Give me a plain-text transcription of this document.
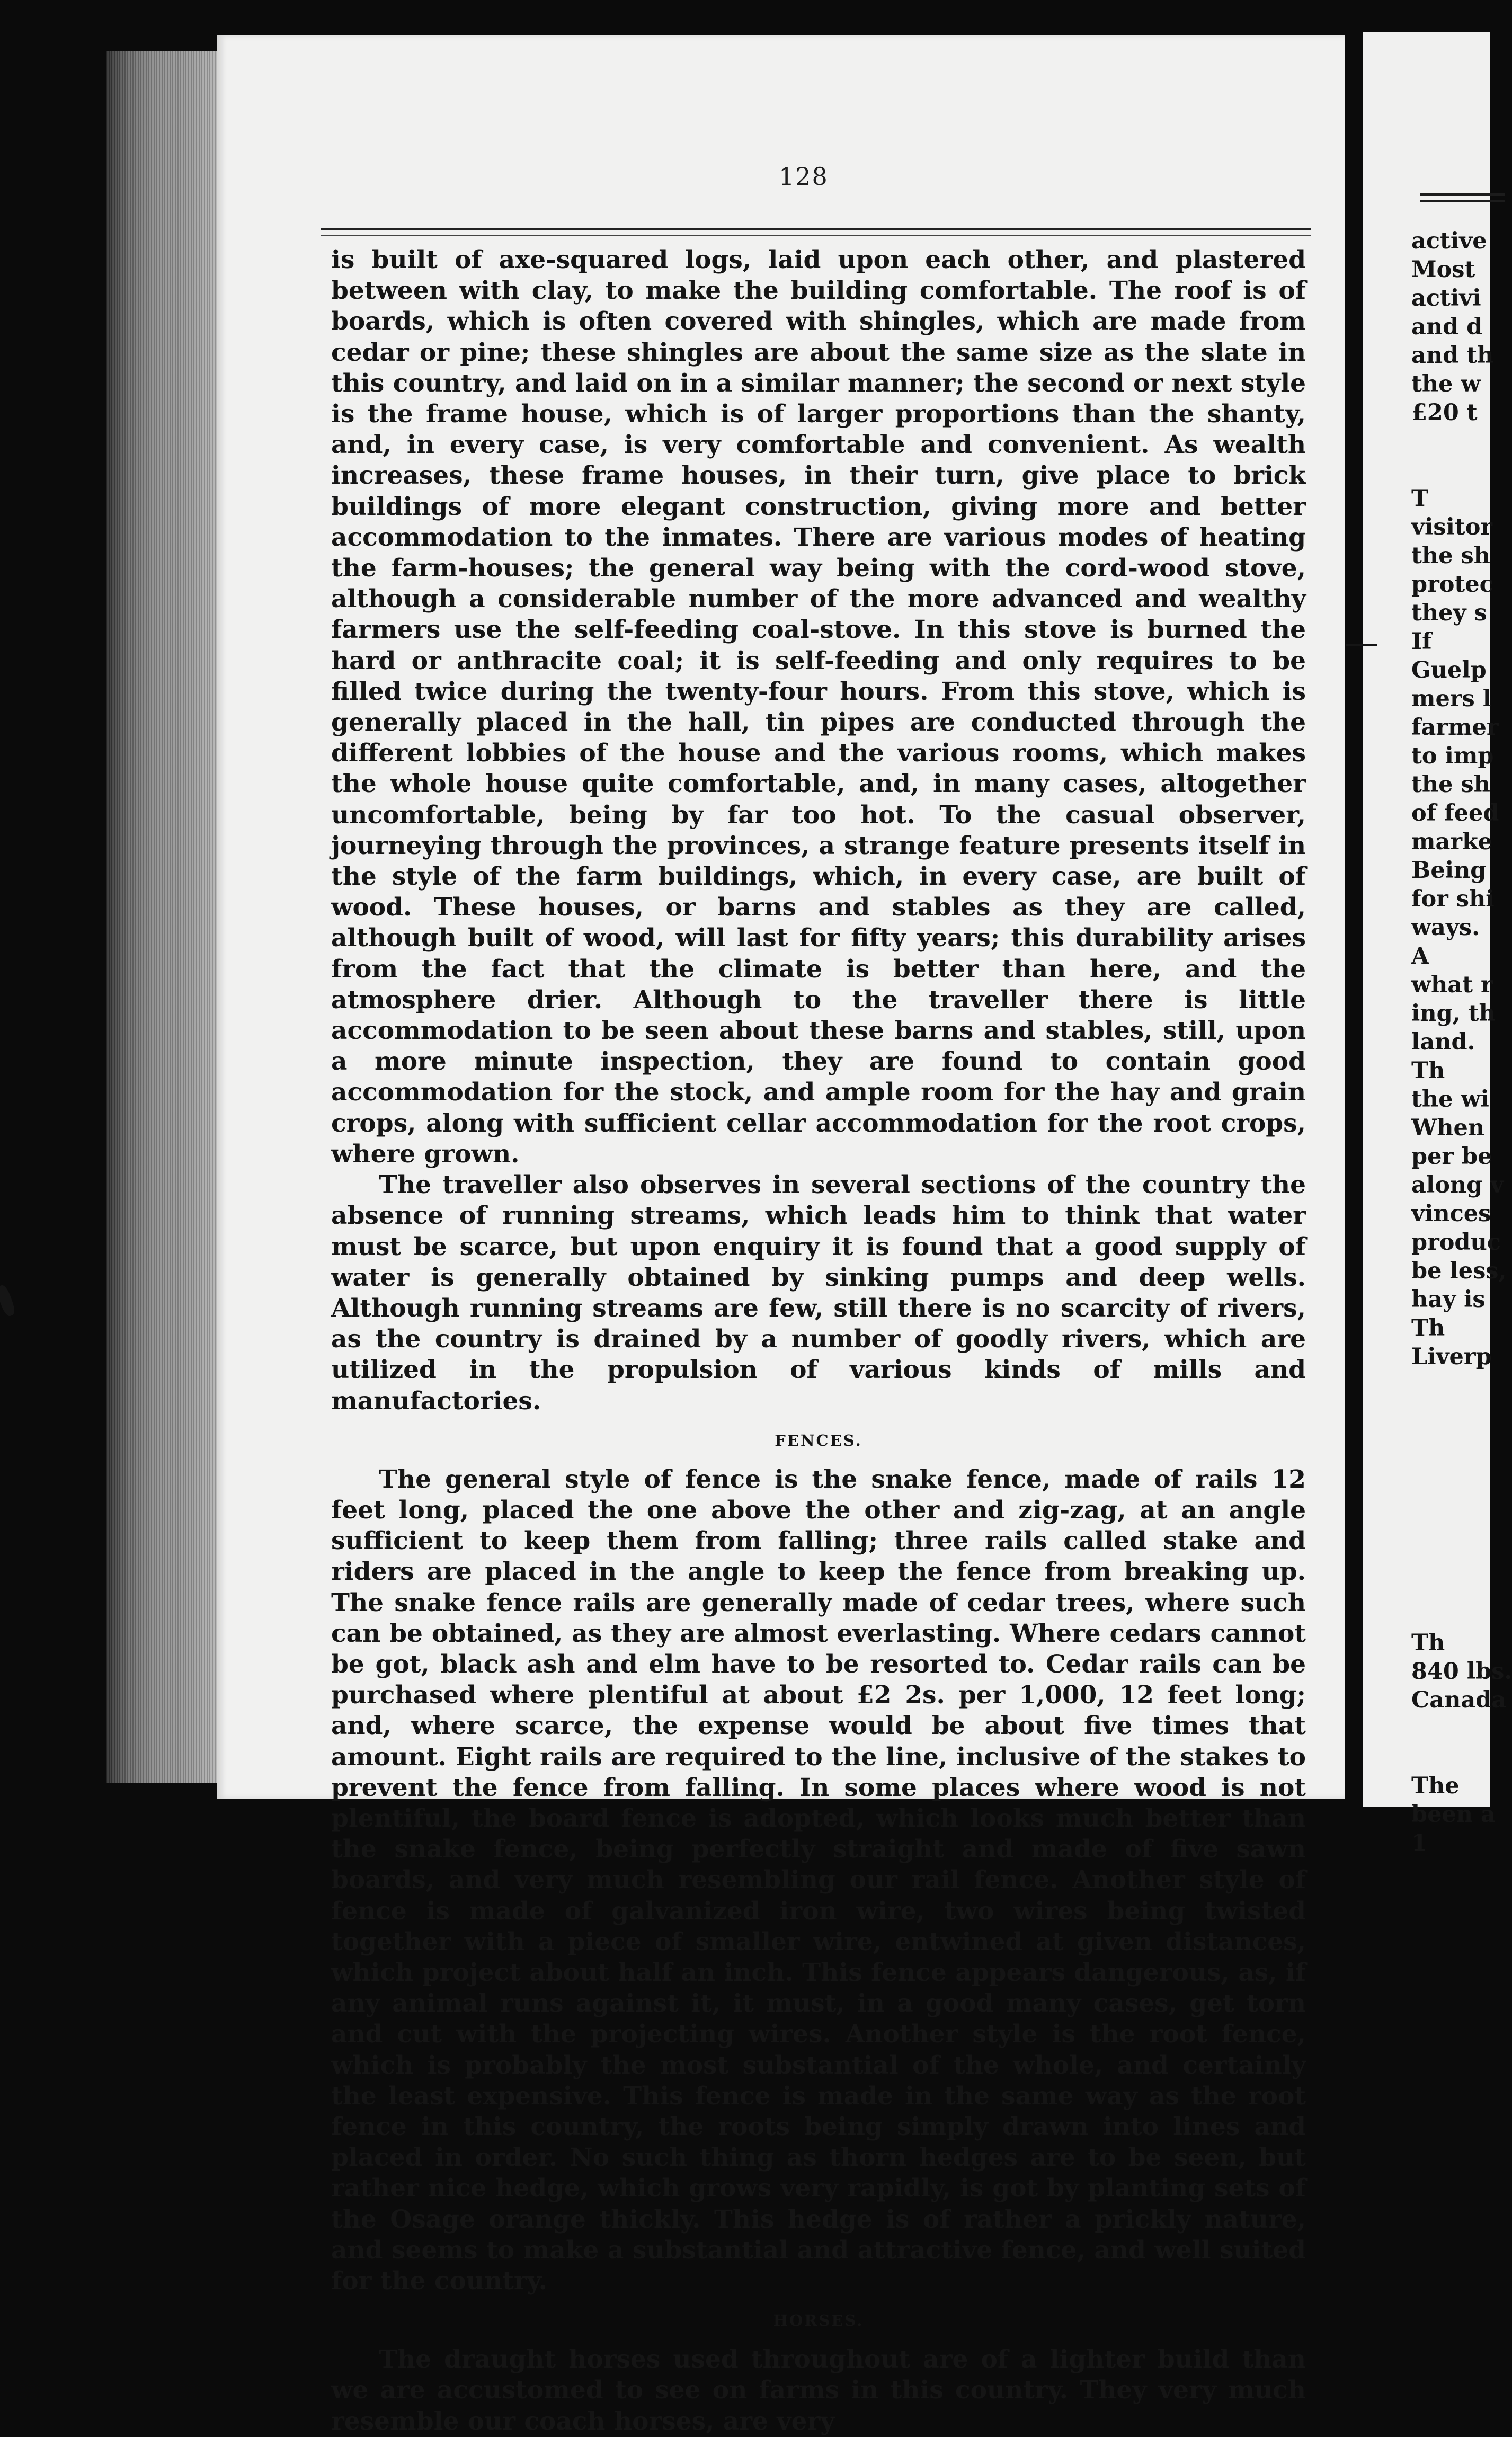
128

is built of axe-squared logs, laid upon each other, and plastered between with clay, to make the building comfortable. The roof is of boards, which is often covered with shingles, which are made from cedar or pine; these shingles are about the same size as the slate in this country, and laid on in a similar manner; the second or next style is the frame house, which is of larger proportions than the shanty, and, in every case, is very comfortable and convenient. As wealth increases, these frame houses, in their turn, give place to brick buildings of more elegant construction, giving more and better accommodation to the inmates. There are various modes of heating the farm-houses; the general way being with the cord-wood stove, although a considerable number of the more advanced and wealthy farmers use the self-feeding coal-stove. In this stove is burned the hard or anthracite coal; it is self-feeding and only requires to be filled twice during the twenty-four hours. From this stove, which is generally placed in the hall, tin pipes are conducted through the different lobbies of the house and the various rooms, which makes the whole house quite comfortable, and, in many cases, altogether uncomfortable, being by far too hot. To the casual observer, journeying through the provinces, a strange feature presents itself in the style of the farm buildings, which, in every case, are built of wood. These houses, or barns and stables as they are called, although built of wood, will last for fifty years; this durability arises from the fact that the climate is better than here, and the atmosphere drier. Although to the traveller there is little accommodation to be seen about these barns and stables, still, upon a more minute inspection, they are found to contain good accommodation for the stock, and ample room for the hay and grain crops, along with sufficient cellar accommodation for the root crops, where grown.

The traveller also observes in several sections of the country the absence of running streams, which leads him to think that water must be scarce, but upon enquiry it is found that a good supply of water is generally obtained by sinking pumps and deep wells. Although running streams are few, still there is no scarcity of rivers, as the country is drained by a number of goodly rivers, which are utilized in the propulsion of various kinds of mills and manufactories.

FENCES.

The general style of fence is the snake fence, made of rails 12 feet long, placed the one above the other and zig-zag, at an angle sufficient to keep them from falling; three rails called stake and riders are placed in the angle to keep the fence from breaking up. The snake fence rails are generally made of cedar trees, where such can be obtained, as they are almost everlasting. Where cedars cannot be got, black ash and elm have to be resorted to. Cedar rails can be purchased where plentiful at about £2 2s. per 1,000, 12 feet long; and, where scarce, the expense would be about five times that amount. Eight rails are required to the line, inclusive of the stakes to prevent the fence from falling. In some places where wood is not plentiful, the board fence is adopted, which looks much better than the snake fence, being perfectly straight and made of five sawn boards, and very much resembling our rail fence. Another style of fence is made of galvanized iron wire, two wires being twisted together with a piece of smaller wire, entwined at given distances, which project about half an inch. This fence appears dangerous, as, if any animal runs against it, it must, in a good many cases, get torn and cut with the projecting wires. Another style is the root fence, which is probably the most substantial of the whole, and certainly the least expensive. This fence is made in the same way as the root fence in this country, the roots being simply drawn into lines and placed in order. No such thing as thorn hedges are to be seen, but rather nice hedge, which grows very rapidly, is got by planting sets of the Osage orange thickly. This hedge is of rather a prickly nature, and seems to make a substantial and attractive fence, and well suited for the country.

HORSES.

The draught horses used throughout are of a lighter build than we are accustomed to see on farms in this country. They very much resemble our coach horses, are very

active
Most
activi
and d
and th
the w
£20 t

T
visitor
the sh
protec
they s
If
Guelp
mers l
farmer
to imp
the sh
of feed
marke
Being
for shi
ways.
A
what r
ing, th
land.
Th
the wi
When
per be
along v
vinces
produc
be less,
hay is
Th
Liverp

Th
840 lbs.
Canada

The
been a
1
